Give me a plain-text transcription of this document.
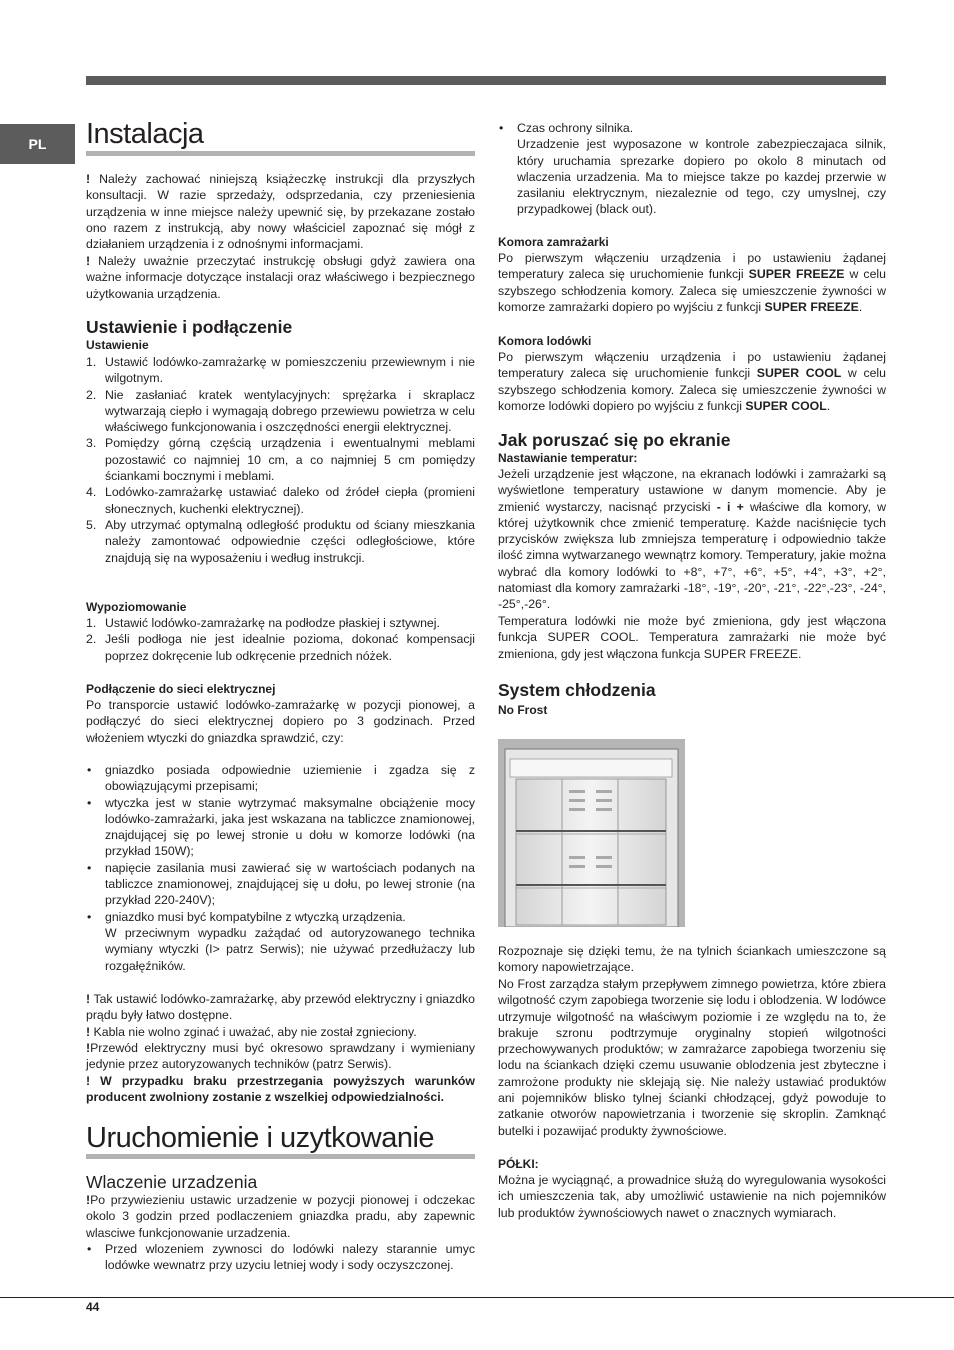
PL Instalacja
! Należy zachować niniejszą książeczkę instrukcji dla przyszłych konsultacji. W razie sprzedaży, odsprzedania, czy przeniesienia urządzenia w inne miejsce należy upewnić się, by przekazane zostało ono razem z instrukcją, aby nowy właściciel zapoznać się mógł z działaniem urządzenia i z odnośnymi informacjami.
! Należy uważnie przeczytać instrukcję obsługi gdyż zawiera ona ważne informacje dotyczące instalacji oraz właściwego i bezpiecznego użytkowania urządzenia.
Ustawienie i podłączenie
Ustawienie
1. Ustawić lodówko-zamrażarkę w pomieszczeniu przewiewnym i nie wilgotnym.
2. Nie zasłaniać kratek wentylacyjnych: sprężarka i skraplacz wytwarzają ciepło i wymagają dobrego przewiewu powietrza w celu właściwego funkcjonowania i oszczędności energii elektrycznej.
3. Pomiędzy górną częścią urządzenia i ewentualnymi meblami pozostawić co najmniej 10 cm, a co najmniej 5 cm pomiędzy ściankami bocznymi i meblami.
4. Lodówko-zamrażarkę ustawiać daleko od źródeł ciepła (promieni słonecznych, kuchenki elektrycznej).
5. Aby utrzymać optymalną odległość produktu od ściany mieszkania należy zamontować odpowiednie części odległościowe, które znajdują się na wyposażeniu i według instrukcji.
Wypoziomowanie
1. Ustawić lodówko-zamrażarkę na podłodze płaskiej i sztywnej.
2. Jeśli podłoga nie jest idealnie pozioma, dokonać kompensacji poprzez dokręcenie lub odkręcenie przednich nóżek.
Podłączenie do sieci elektrycznej
Po transporcie ustawić lodówko-zamrażarkę w pozycji pionowej, a podłączyć do sieci elektrycznej dopiero po 3 godzinach. Przed włożeniem wtyczki do gniazdka sprawdzić, czy:
• gniazdko posiada odpowiednie uziemienie i zgadza się z obowiązującymi przepisami;
• wtyczka jest w stanie wytrzymać maksymalne obciążenie mocy lodówko-zamrażarki, jaka jest wskazana na tabliczce znamionowej, znajdującej się po lewej stronie u dołu w komorze lodówki (na przykład 150W);
• napięcie zasilania musi zawierać się w wartościach podanych na tabliczce znamionowej, znajdującej się u dołu, po lewej stronie (na przykład 220-240V);
• gniazdko musi być kompatybilne z wtyczką urządzenia.
W przeciwnym wypadku zażądać od autoryzowanego technika wymiany wtyczki (I> patrz Serwis); nie używać przedłużaczy lub rozgałęźników.
! Tak ustawić lodówko-zamrażarkę, aby przewód elektryczny i gniazdko prądu były łatwo dostępne.
! Kabla nie wolno zginać i uważać, aby nie został zgnieciony.
!Przewód elektryczny musi być okresowo sprawdzany i wymieniany jedynie przez autoryzowanych techników (patrz Serwis).
! W przypadku braku przestrzegania powyższych warunków producent zwolniony zostanie z wszelkiej odpowiedzialności.
Uruchomienie i uzytkowanie
Wlaczenie urzadzenia
!Po przywiezieniu ustawic urzadzenie w pozycji pionowej i odczekac okolo 3 godzin przed podlaczeniem gniazdka pradu, aby zapewnic wlasciwe funkcjonowanie urzadzenia.
• Przed wlozeniem zywnosci do lodówki nalezy starannie umyc lodówke wewnatrz przy uzyciu letniej wody i sody oczyszczonej.
• Czas ochrony silnika.
Urzadzenie jest wyposazone w kontrole zabezpieczajaca silnik, który uruchamia sprezarke dopiero po okolo 8 minutach od wlaczenia urzadzenia. Ma to miejsce takze po kazdej przerwie w zasilaniu elektrycznym, niezaleznie od tego, czy umyslnej, czy przypadkowej (black out).
Komora zamrażarki
Po pierwszym włączeniu urządzenia i po ustawieniu żądanej temperatury zaleca się uruchomienie funkcji SUPER FREEZE w celu szybszego schłodzenia komory. Zaleca się umieszczenie żywności w komorze zamrażarki dopiero po wyjściu z funkcji SUPER FREEZE.
Komora lodówki
Po pierwszym włączeniu urządzenia i po ustawieniu żądanej temperatury zaleca się uruchomienie funkcji SUPER COOL w celu szybszego schłodzenia komory. Zaleca się umieszczenie żywności w komorze lodówki dopiero po wyjściu z funkcji SUPER COOL.
Jak poruszać się po ekranie
Nastawianie temperatur:
Jeżeli urządzenie jest włączone, na ekranach lodówki i zamrażarki są wyświetlone temperatury ustawione w danym momencie. Aby je zmienić wystarczy, nacisnąć przyciski - i + właściwe dla komory, w której użytkownik chce zmienić temperaturę. Każde naciśnięcie tych przycisków zwiększa lub zmniejsza temperaturę i odpowiednio także ilość zimna wytwarzanego wewnątrz komory. Temperatury, jakie można wybrać dla komory lodówki to +8°, +7°, +6°, +5°, +4°, +3°, +2°, natomiast dla komory zamrażarki -18°, -19°, -20°, -21°, -22°,-23°, -24°, -25°,-26°.
Temperatura lodówki nie może być zmieniona, gdy jest włączona funkcja SUPER COOL. Temperatura zamrażarki nie może być zmieniona, gdy jest włączona funkcja SUPER FREEZE.
System chłodzenia
No Frost
Rozpoznaje się dzięki temu, że na tylnich ściankach umieszczone są komory napowietrzające.
No Frost zarządza stałym przepływem zimnego powietrza, które zbiera wilgotność czym zapobiega tworzenie się lodu i oblodzenia. W lodówce utrzymuje wilgotność na właściwym poziomie i ze względu na to, że brakuje szronu podtrzymuje oryginalny stopień wilgotności przechowywanych produktów; w zamrażarce zapobiega tworzeniu się lodu na ściankach dzięki czemu usuwanie oblodzenia jest zbyteczne i zamrożone produkty nie sklejają się. Nie należy ustawiać produktów ani pojemników blisko tylnej ścianki chłodzącej, gdyż powoduje to zatkanie otworów napowietrzania i tworzenie się skroplin. Zamknąć butelki i pozawijać produkty żywnościowe.
PÓŁKI:
Można je wyciągnąć, a prowadnice służą do wyregulowania wysokości ich umieszczenia tak, aby umożliwić ustawienie na nich pojemników lub produktów żywnościowych nawet o znacznych wymiarach.
44
